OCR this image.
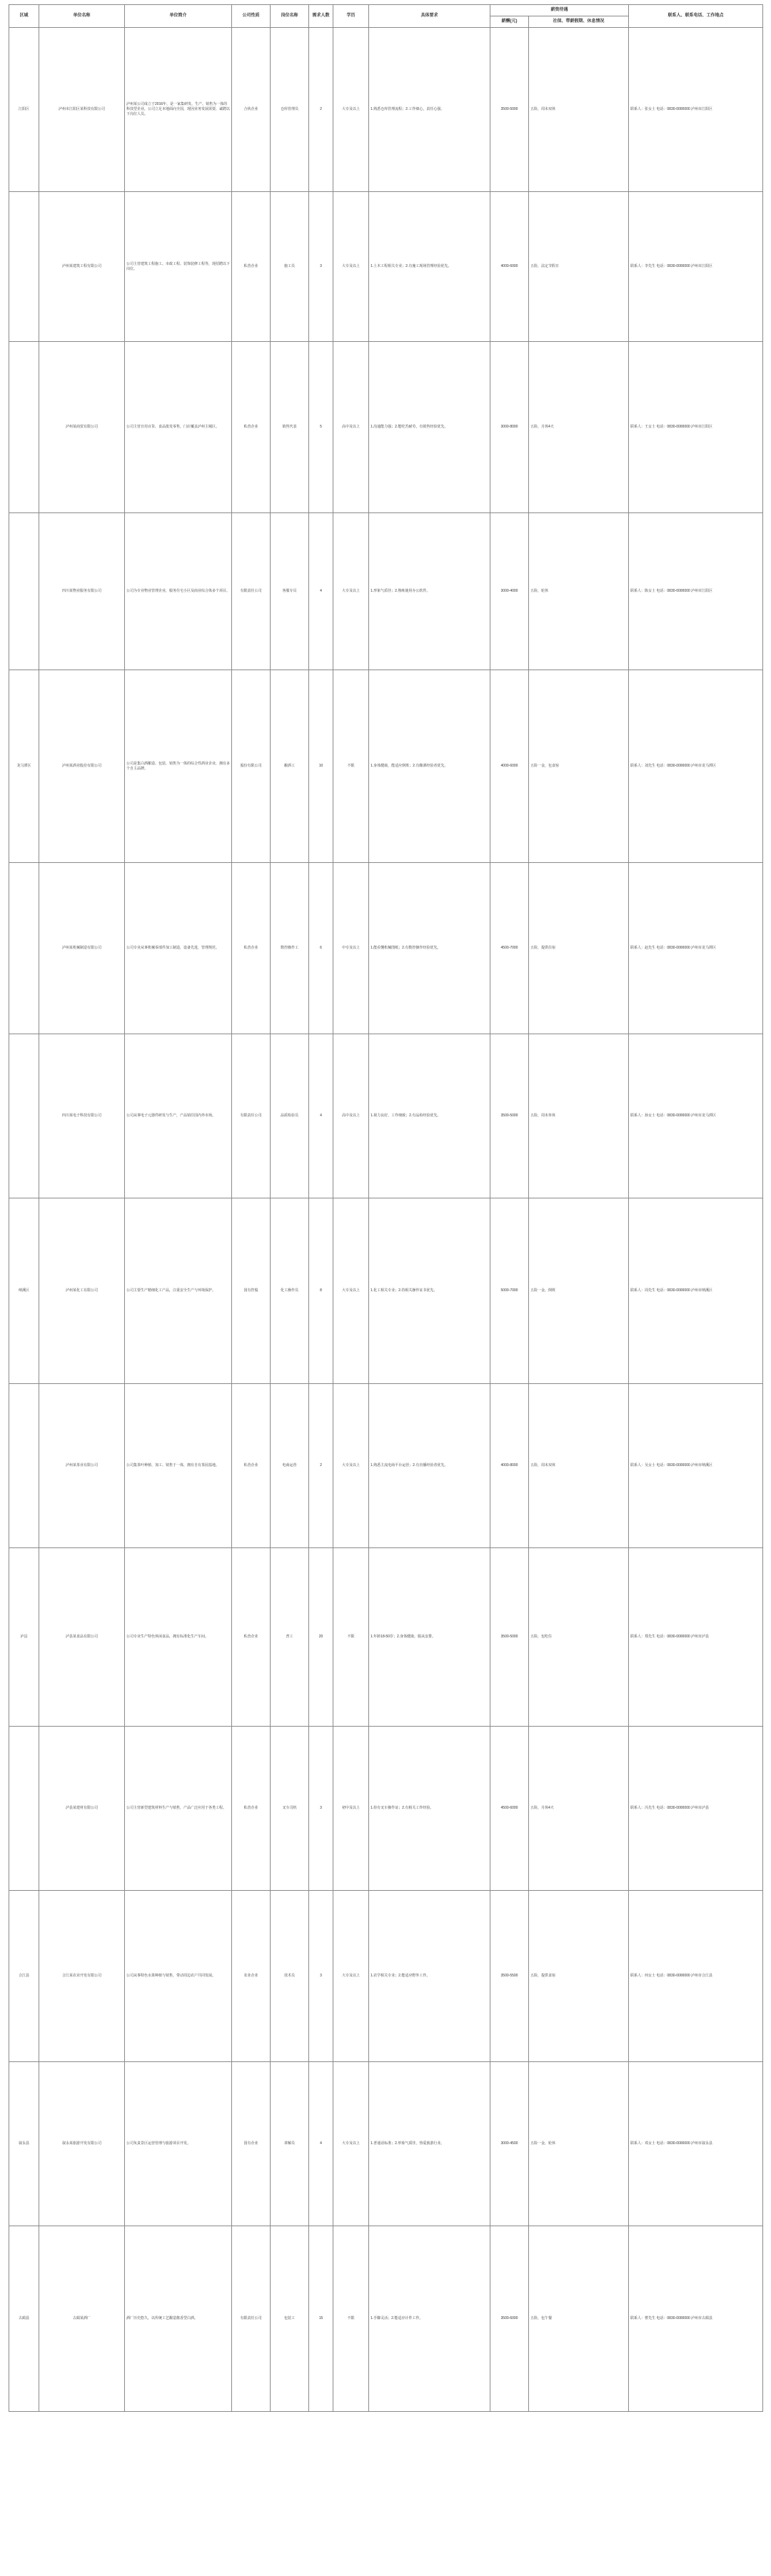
区域	单位名称	单位简介	公司性质	岗位名称	需求人数	学历	具体要求	薪资待遇		联系人、联系电话、工作地点
								薪酬(元)	社保、带薪假期、休息情况	
江阳区	泸州市江阳区某科技有限公司	泸州某公司成立于2016年，是一家集研发、生产、销售为一体的科技型企业，公司立足本地面向全国，现因业务发展需要，诚聘以下岗位人员。	合伙企业	仓库管理员	2	大专及以上	1.熟悉仓库管理流程；2.工作细心，责任心强。	3500-5000	五险，周末双休	联系人：张女士 电话：0830-0000000 泸州市江阳区
	泸州某建筑工程有限公司	公司主营建筑工程施工、市政工程、装饰装修工程等，现招聘以下岗位。	私营企业	施工员	3	大专及以上	1.土木工程相关专业；2.有施工现场管理经验优先。	4000-6000	五险，法定节假日	联系人：李先生 电话：0830-0000000 泸州市江阳区
	泸州某商贸有限公司	公司主营日用百货、食品批发零售，门店覆盖泸州主城区。	私营企业	销售代表	5	高中及以上	1.沟通能力强；2.能吃苦耐劳，有销售经验优先。	3000-8000	五险，月休4天	联系人：王女士 电话：0830-0000000 泸州市江阳区
	四川某物业服务有限公司	公司为专业物业管理企业，服务住宅小区及商业综合体多个项目。	有限责任公司	客服专员	4	大专及以上	1.形象气质佳；2.熟练使用办公软件。	3000-4000	五险，轮休	联系人：陈女士 电话：0830-0000000 泸州市江阳区
龙马潭区	泸州某酒业股份有限公司	公司是集白酒酿造、包装、销售为一体的综合性酒业企业，拥有多个自主品牌。	股份有限公司	酿酒工	10	不限	1.身体健康，能适应倒班；2.有酿酒经验者优先。	4000-6000	五险一金，包食宿	联系人：刘先生 电话：0830-0000000 泸州市龙马潭区
	泸州某机械制造有限公司	公司专业从事机械零部件加工制造，设备先进，管理规范。	私营企业	数控操作工	6	中专及以上	1.能看懂机械图纸；2.有数控操作经验优先。	4500-7000	五险，提供住宿	联系人：赵先生 电话：0830-0000000 泸州市龙马潭区
	四川某电子科技有限公司	公司从事电子元器件研发与生产，产品销往国内外市场。	有限责任公司	品质检验员	4	高中及以上	1.视力良好，工作细致；2.有品检经验优先。	3500-5000	五险，周末单休	联系人：孙女士 电话：0830-0000000 泸州市龙马潭区
纳溪区	泸州某化工有限公司	公司主要生产精细化工产品，注重安全生产与环境保护。	国有控股	化工操作员	8	大专及以上	1.化工相关专业；2.持相关操作证书优先。	5000-7000	五险一金，倒班	联系人：周先生 电话：0830-0000000 泸州市纳溪区
	泸州某茶业有限公司	公司集茶叶种植、加工、销售于一体，拥有自有茶园基地。	私营企业	电商运营	2	大专及以上	1.熟悉主流电商平台运营；2.有直播经验者优先。	4000-8000	五险，周末双休	联系人：吴女士 电话：0830-0000000 泸州市纳溪区
泸县	泸县某食品有限公司	公司专业生产特色休闲食品，拥有标准化生产车间。	私营企业	普工	20	不限	1.年龄18-50岁；2.身体健康，服从安排。	3500-5000	五险，包吃住	联系人：郑先生 电话：0830-0000000 泸州市泸县
	泸县某建材有限公司	公司主营新型建筑材料生产与销售，产品广泛应用于各类工程。	私营企业	叉车司机	3	初中及以上	1.持有叉车操作证；2.有相关工作经验。	4500-6000	五险，月休4天	联系人：冯先生 电话：0830-0000000 泸州市泸县
合江县	合江某农业开发有限公司	公司从事特色水果种植与销售，带动周边农户共同发展。	农业企业	技术员	3	大专及以上	1.农学相关专业；2.能适应野外工作。	3500-5500	五险，提供食宿	联系人：何女士 电话：0830-0000000 泸州市合江县
叙永县	叙永某旅游开发有限公司	公司负责景区运营管理与旅游项目开发。	国有企业	讲解员	4	大专及以上	1.普通话标准；2.形象气质佳，热爱旅游行业。	3000-4500	五险一金，轮休	联系人：邓女士 电话：0830-0000000 泸州市叙永县
古蔺县	古蔺某酒厂	酒厂历史悠久，以传统工艺酿造酱香型白酒。	有限责任公司	包装工	15	不限	1.手脚灵活；2.能适应计件工作。	3500-6000	五险，包午餐	联系人：曹先生 电话：0830-0000000 泸州市古蔺县
